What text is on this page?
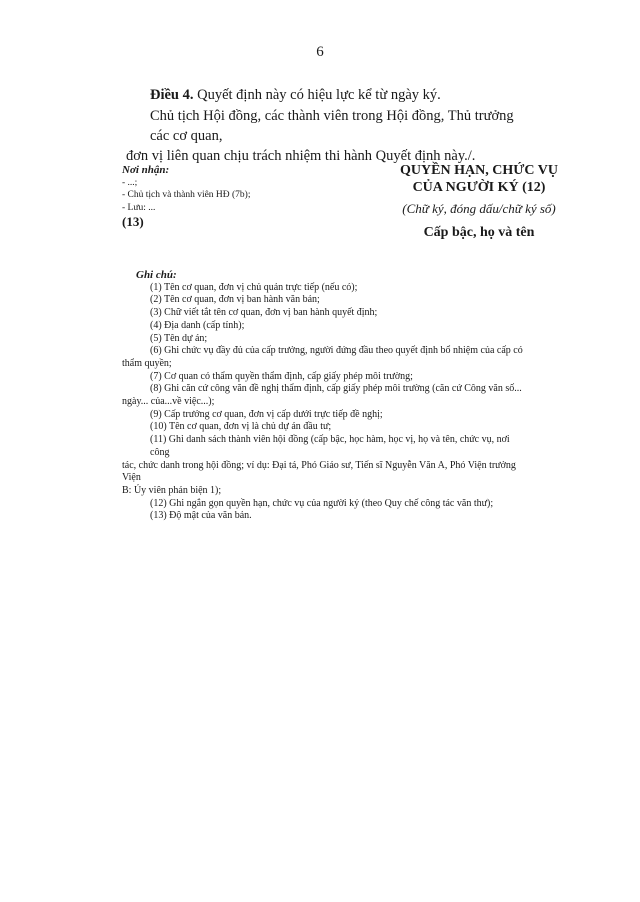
6
Điều 4. Quyết định này có hiệu lực kể từ ngày ký.
Chủ tịch Hội đồng, các thành viên trong Hội đồng, Thủ trưởng các cơ quan,
đơn vị liên quan chịu trách nhiệm thi hành Quyết định này./.
Nơi nhận:
- ...;
- Chủ tịch và thành viên HĐ (7b);
- Lưu: ...
(13)
QUYỀN HẠN, CHỨC VỤ
CỦA NGƯỜI KÝ (12)
(Chữ ký, đóng dấu/chữ ký số)
Cấp bậc, họ và tên
Ghi chú:
(1) Tên cơ quan, đơn vị chủ quản trực tiếp (nếu có);
(2) Tên cơ quan, đơn vị ban hành văn bản;
(3) Chữ viết tắt tên cơ quan, đơn vị ban hành quyết định;
(4) Địa danh (cấp tỉnh);
(5) Tên dự án;
(6) Ghi chức vụ đầy đủ của cấp trưởng, người đứng đầu theo quyết định bổ nhiệm của cấp có
thẩm quyền;
(7) Cơ quan có thẩm quyền thẩm định, cấp giấy phép môi trường;
(8) Ghi căn cứ công văn đề nghị thẩm định, cấp giấy phép môi trường (căn cứ Công văn số...
ngày... của...về việc...);
(9) Cấp trưởng cơ quan, đơn vị cấp dưới trực tiếp đề nghị;
(10) Tên cơ quan, đơn vị là chủ dự án đầu tư;
(11) Ghi danh sách thành viên hội đồng (cấp bậc, học hàm, học vị, họ và tên, chức vụ, nơi công
tác, chức danh trong hội đồng; ví dụ: Đại tá, Phó Giáo sư, Tiến sĩ Nguyễn Văn A, Phó Viện trưởng Viện
B: Ủy viên phản biện 1);
(12) Ghi ngắn gọn quyền hạn, chức vụ của người ký (theo Quy chế công tác văn thư);
(13) Độ mật của văn bản.
